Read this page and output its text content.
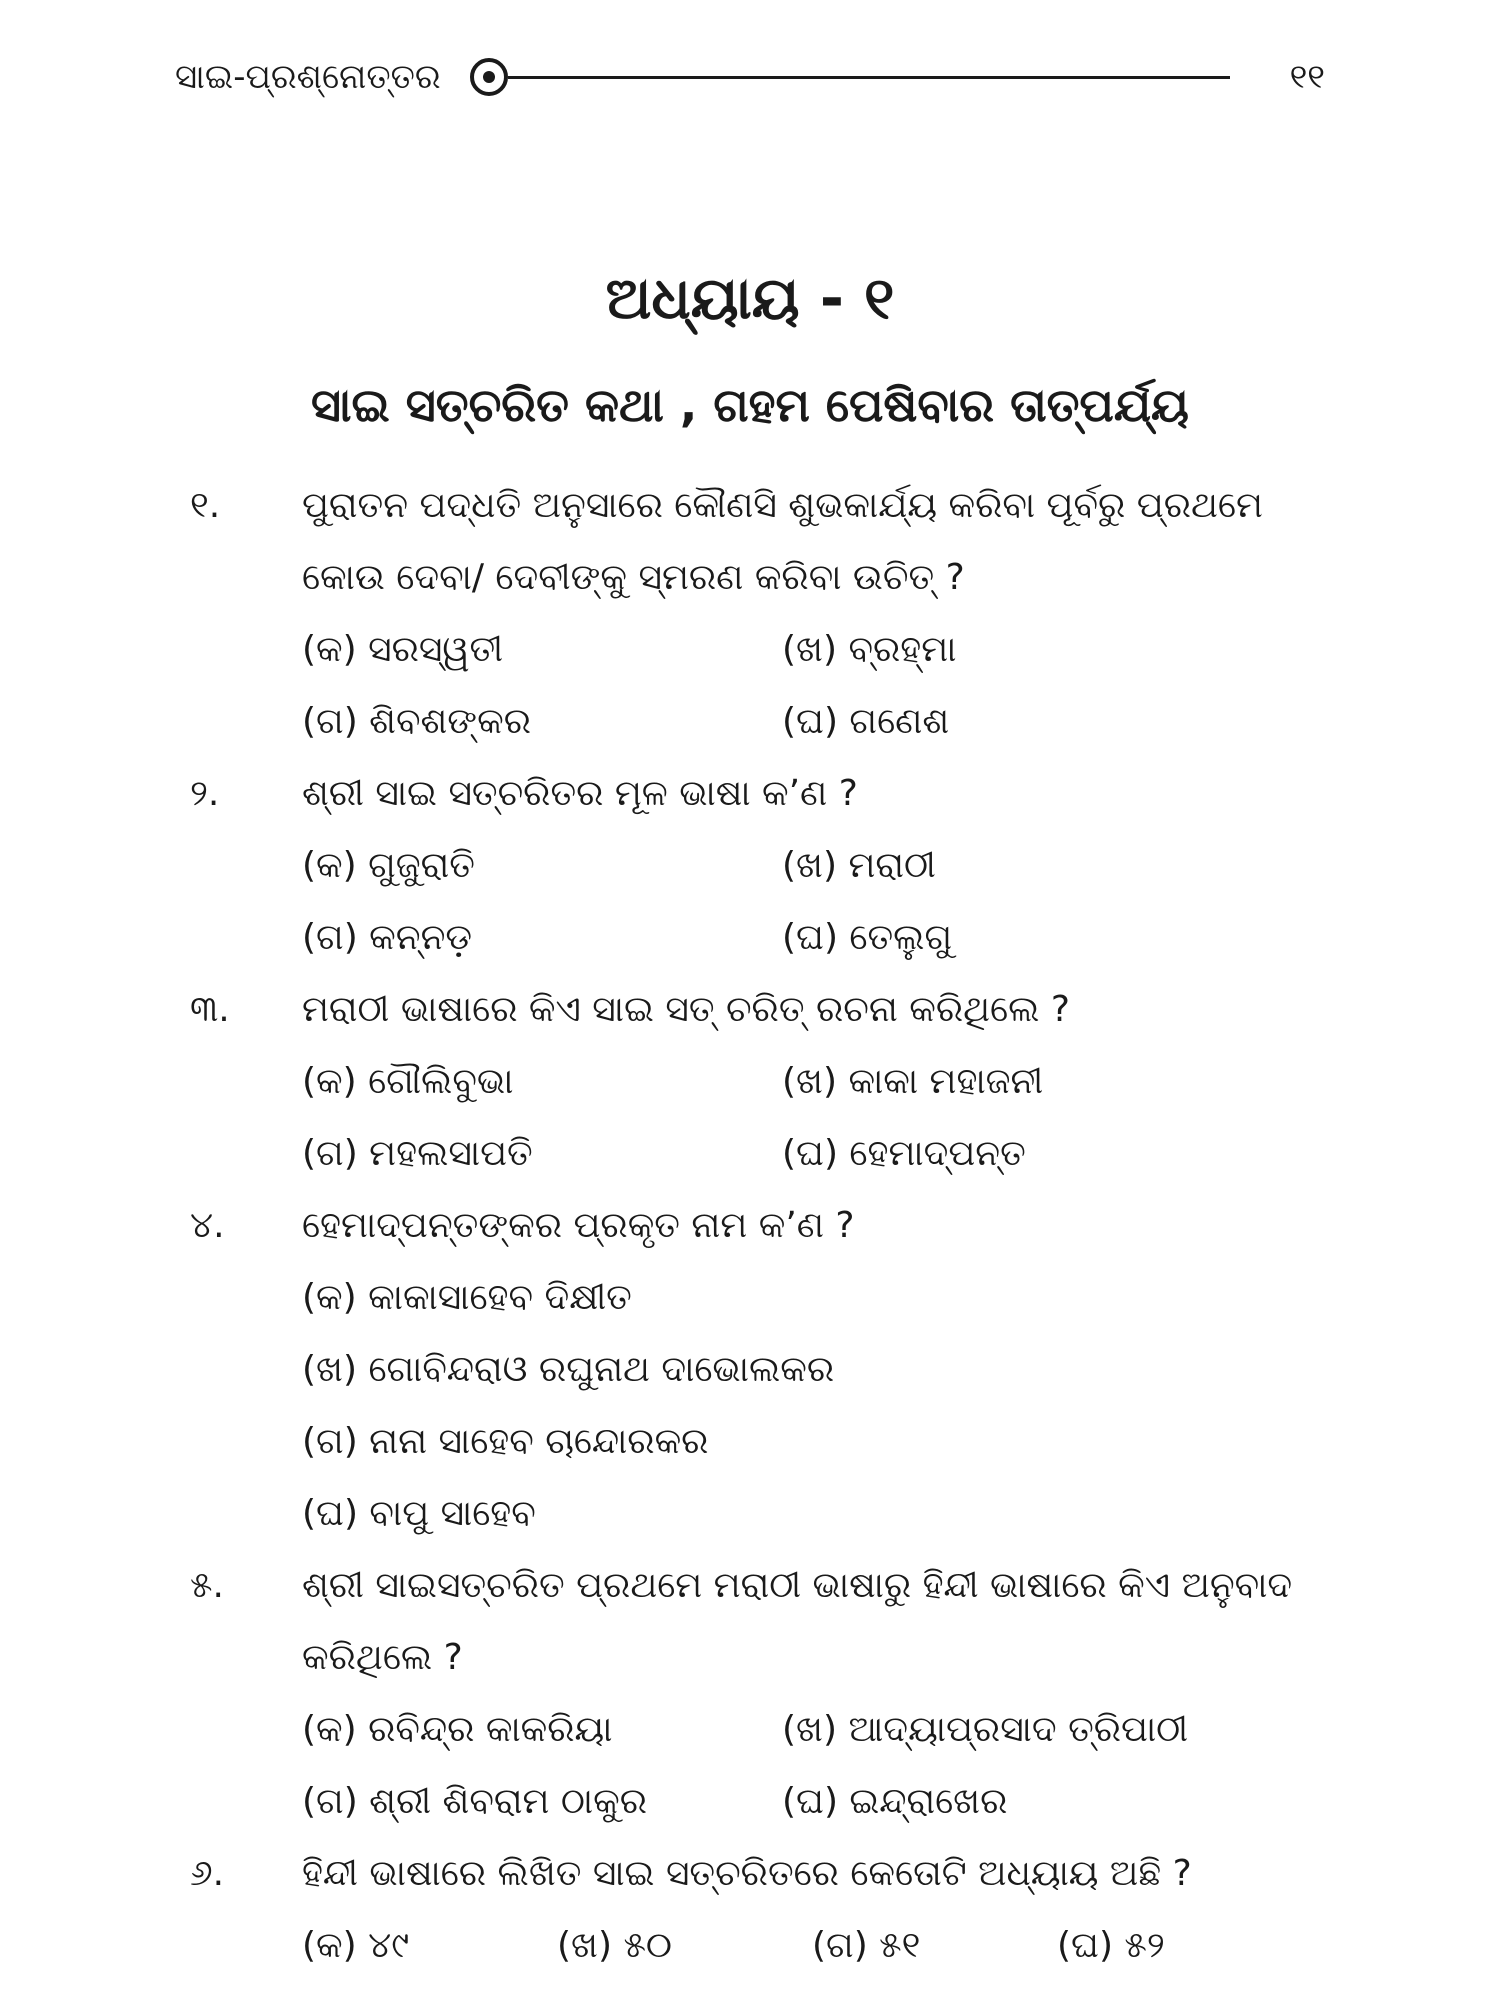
ସାଇ-ପ୍ରଶ୍ନୋତ୍ତର	୧୧
ଅଧ୍ୟାୟ - ୧
ସାଇ ସତ୍‌ଚରିତ କଥା , ଗହମ ପେଷିବାର ତାତ୍ପର୍ଯ୍ୟ
୧.	ପୁରାତନ ପଦ୍ଧତି ଅନୁସାରେ କୌଣସି ଶୁଭକାର୍ଯ୍ୟ କରିବା ପୂର୍ବରୁ ପ୍ରଥମେ କୋଉ ଦେବା/ ଦେବୀଙ୍କୁ ସ୍ମରଣ କରିବା ଉଚିତ୍ ?
(କ) ସରସ୍ୱତୀ	(ଖ) ବ୍ରହ୍ମା
(ଗ) ଶିବଶଙ୍କର	(ଘ) ଗଣେଶ
୨.	ଶ୍ରୀ ସାଇ ସତ୍‌ଚରିତର ମୂଳ ଭାଷା କ’ଣ ?
(କ) ଗୁଜୁରାତି	(ଖ) ମରାଠୀ
(ଗ) କନ୍ନଡ଼	(ଘ) ତେଲୁଗୁ
୩.	ମରାଠୀ ଭାଷାରେ କିଏ ସାଇ ସତ୍ ଚରିତ୍ ରଚନା କରିଥିଲେ ?
(କ) ଗୌଲିବୁଭା	(ଖ) କାକା ମହାଜନୀ
(ଗ) ମହଲସାପତି	(ଘ) ହେମାଦ୍‌ପନ୍ତ
୪.	ହେମାଦ୍‌ପନ୍ତଙ୍କର ପ୍ରକୃତ ନାମ କ’ଣ ?
(କ) କାକାସାହେବ ଦିକ୍ଷୀତ
(ଖ) ଗୋବିନ୍ଦରାଓ ରଘୁନାଥ ଦାଭୋଲକର
(ଗ) ନାନା ସାହେବ ଚାନ୍ଦୋରକର
(ଘ) ବାପୁ ସାହେବ
୫.	ଶ୍ରୀ ସାଇସତ୍‌ଚରିତ ପ୍ରଥମେ ମରାଠୀ ଭାଷାରୁ ହିନ୍ଦୀ ଭାଷାରେ କିଏ ଅନୁବାଦ କରିଥିଲେ ?
(କ) ରବିନ୍ଦ୍ର କାକରିୟା	(ଖ) ଆଦ୍ୟାପ୍ରସାଦ ତ୍ରିପାଠୀ
(ଗ) ଶ୍ରୀ ଶିବରାମ ଠାକୁର	(ଘ) ଇନ୍ଦ୍ରାଖେର
୬.	ହିନ୍ଦୀ ଭାଷାରେ ଲିଖିତ ସାଇ ସତ୍‌ଚରିତରେ କେତୋଟି ଅଧ୍ୟାୟ ଅଛି ?
(କ) ୪୯	(ଖ) ୫୦	(ଗ) ୫୧	(ଘ) ୫୨
